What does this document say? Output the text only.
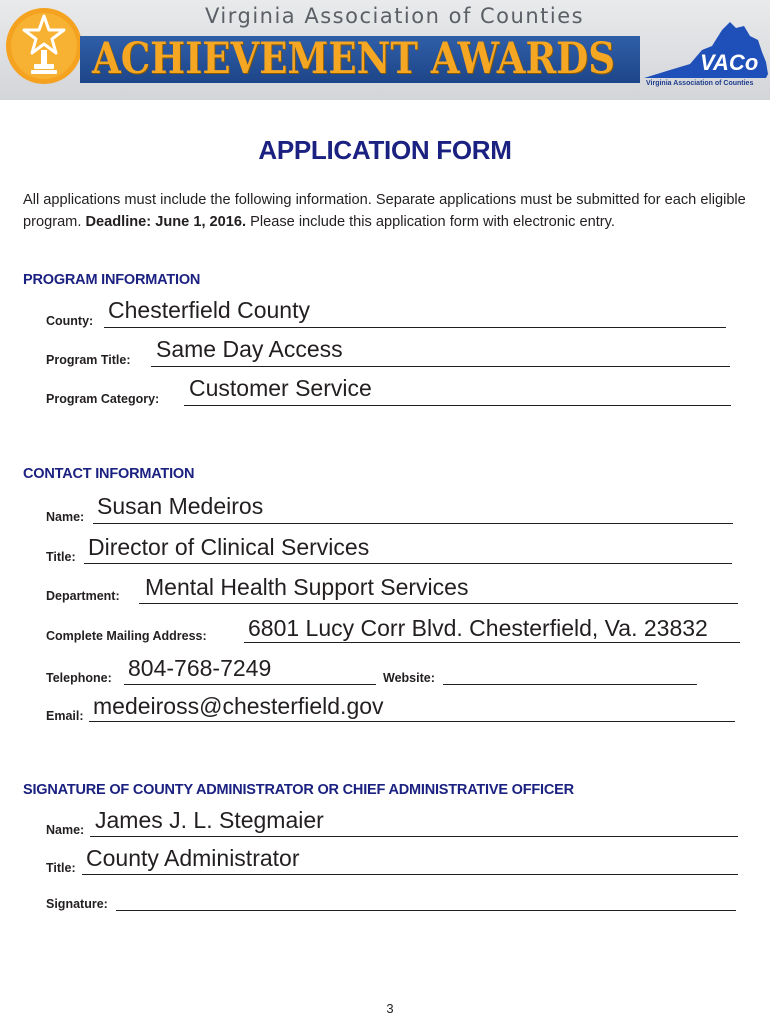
Virginia Association of Counties
ACHIEVEMENT AWARDS	VACo
Virginia Association of Counties
APPLICATION FORM
All applications must include the following information. Separate applications must be submitted for each eligible program. Deadline: June 1, 2016. Please include this application form with electronic entry.
PROGRAM INFORMATION
County: Chesterfield County
Program Title: Same Day Access
Program Category: Customer Service
CONTACT INFORMATION
Name: Susan Medeiros
Title: Director of Clinical Services
Department: Mental Health Support Services
Complete Mailing Address: 6801 Lucy Corr Blvd. Chesterfield, Va. 23832
Telephone: 804-768-7249	Website:
Email: medeiross@chesterfield.gov
SIGNATURE OF COUNTY ADMINISTRATOR OR CHIEF ADMINISTRATIVE OFFICER
Name: James J. L. Stegmaier
Title: County Administrator
Signature:
3
